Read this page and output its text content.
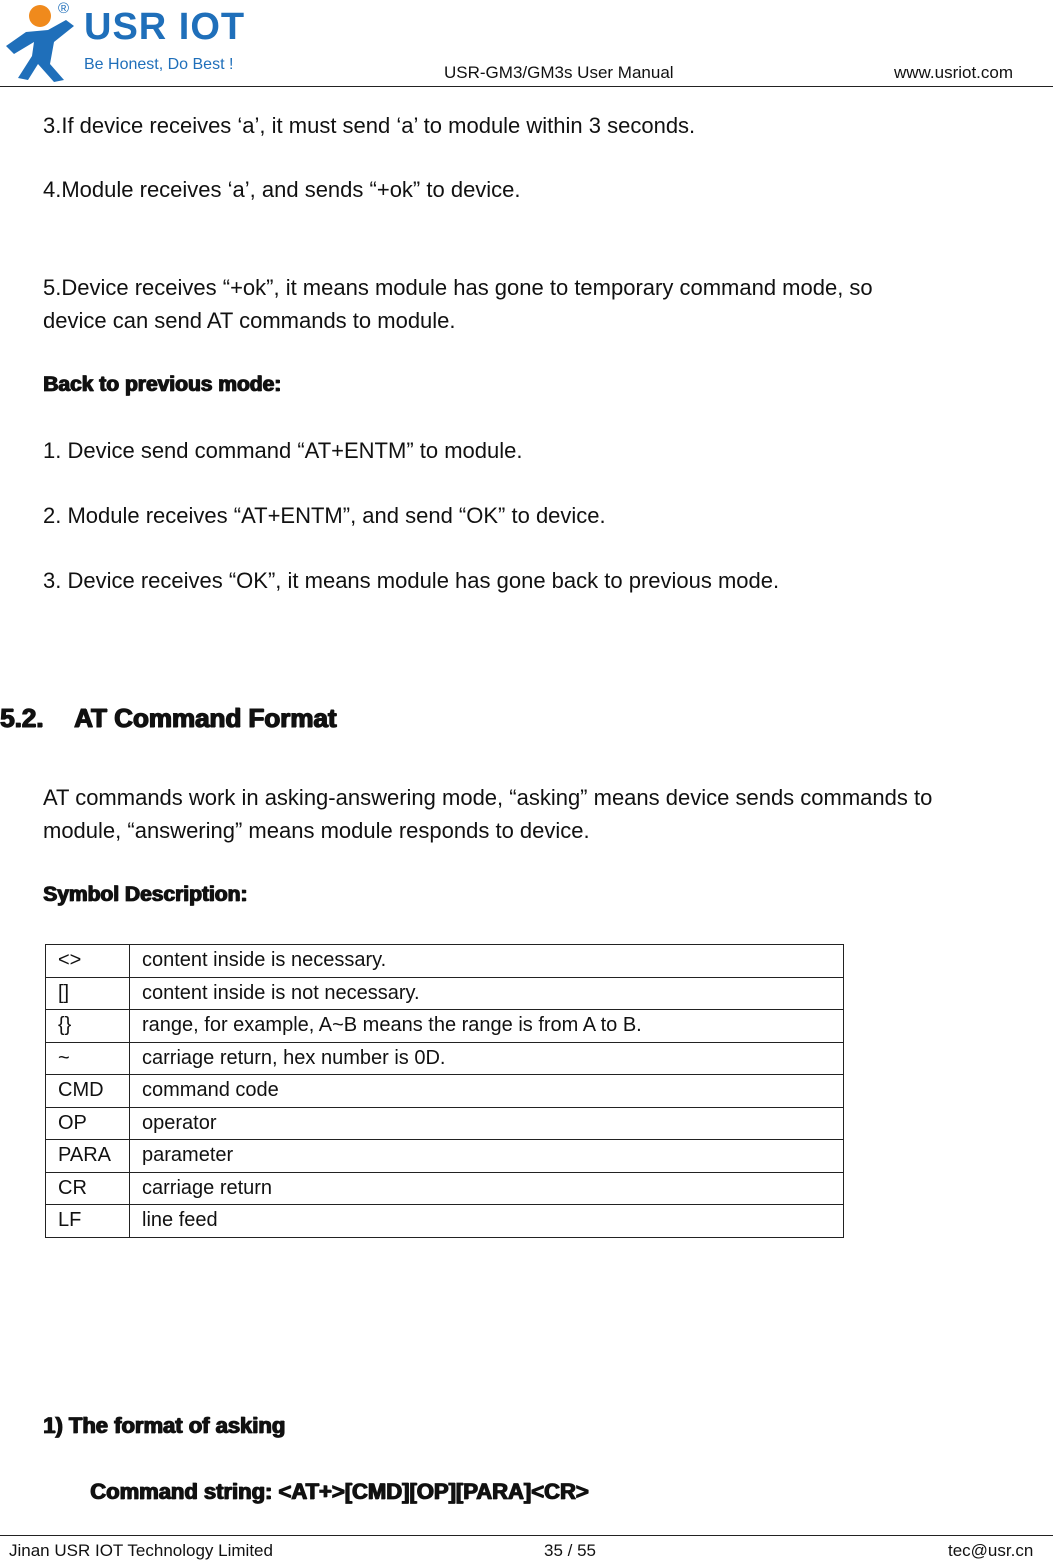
USR IOT
®
Be Honest, Do Best !	USR-GM3/GM3s User Manual	www.usriot.com
3.If device receives ‘a’, it must send ‘a’ to module within 3 seconds.
4.Module receives ‘a’, and sends “+ok” to device.
5.Device receives “+ok”, it means module has gone to temporary command mode, so
device can send AT commands to module.
Back to previous mode:
1. Device send command “AT+ENTM” to module.
2. Module receives “AT+ENTM”, and send “OK” to device.
3. Device receives “OK”, it means module has gone back to previous mode.
5.2. AT Command Format
AT commands work in asking-answering mode, “asking” means device sends commands to
module, “answering” means module responds to device.
Symbol Description:
<>	content inside is necessary.
[]	content inside is not necessary.
{}	range, for example, A~B means the range is from A to B.
~	carriage return, hex number is 0D.
CMD	command code
OP	operator
PARA	parameter
CR	carriage return
LF	line feed
1) The format of asking
Command string: <AT+>[CMD][OP][PARA]<CR>
Jinan USR IOT Technology Limited	35 / 55	tec@usr.cn
